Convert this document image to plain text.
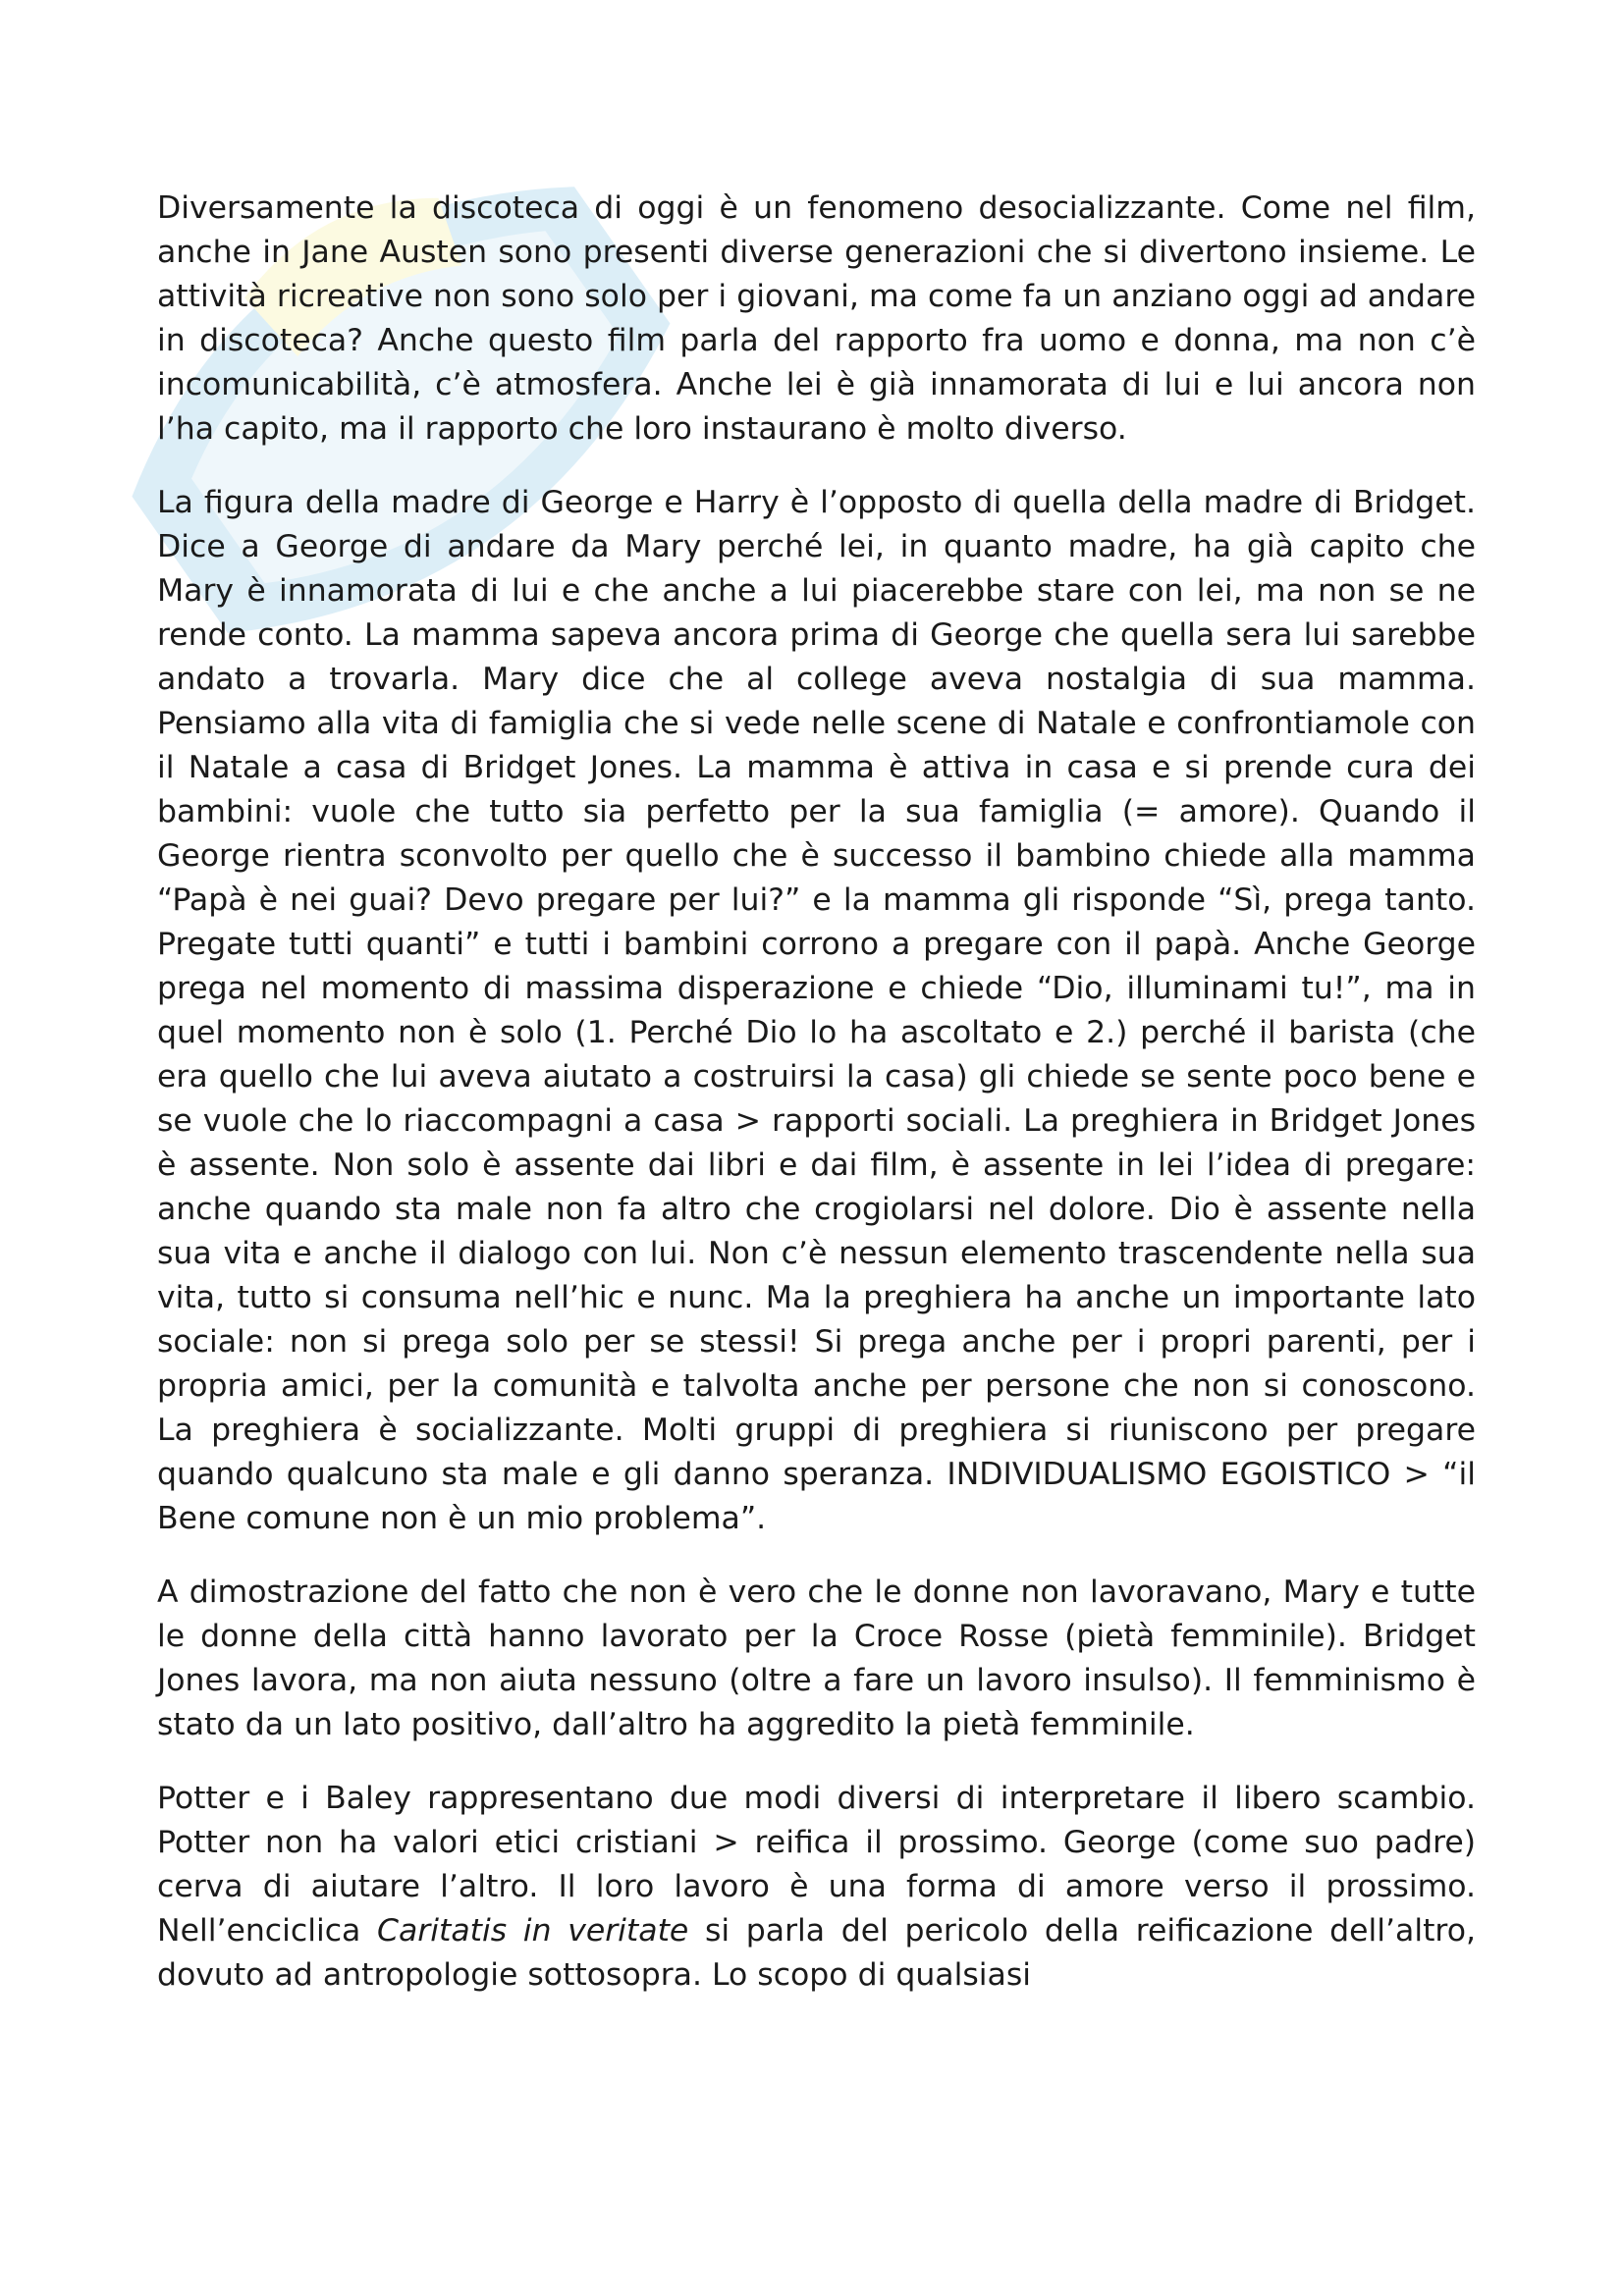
Diversamente la discoteca di oggi è un fenomeno desocializzante. Come nel film, anche in Jane Austen sono presenti diverse generazioni che si divertono insieme. Le attività ricreative non sono solo per i giovani, ma come fa un anziano oggi ad andare in discoteca? Anche questo film parla del rapporto fra uomo e donna, ma non c’è incomunicabilità, c’è atmosfera. Anche lei è già innamorata di lui e lui ancora non l’ha capito, ma il rapporto che loro instaurano è molto diverso.

La figura della madre di George e Harry è l’opposto di quella della madre di Bridget. Dice a George di andare da Mary perché lei, in quanto madre, ha già capito che Mary è innamorata di lui e che anche a lui piacerebbe stare con lei, ma non se ne rende conto. La mamma sapeva ancora prima di George che quella sera lui sarebbe andato a trovarla. Mary dice che al college aveva nostalgia di sua mamma. Pensiamo alla vita di famiglia che si vede nelle scene di Natale e confrontiamole con il Natale a casa di Bridget Jones. La mamma è attiva in casa e si prende cura dei bambini: vuole che tutto sia perfetto per la sua famiglia (= amore). Quando il George rientra sconvolto per quello che è successo il bambino chiede alla mamma “Papà è nei guai? Devo pregare per lui?” e la mamma gli risponde “Sì, prega tanto. Pregate tutti quanti” e tutti i bambini corrono a pregare con il papà. Anche George prega nel momento di massima disperazione e chiede “Dio, illuminami tu!”, ma in quel momento non è solo (1. Perché Dio lo ha ascoltato e 2.) perché il barista (che era quello che lui aveva aiutato a costruirsi la casa) gli chiede se sente poco bene e se vuole che lo riaccompagni a casa > rapporti sociali. La preghiera in Bridget Jones è assente. Non solo è assente dai libri e dai film, è assente in lei l’idea di pregare: anche quando sta male non fa altro che crogiolarsi nel dolore. Dio è assente nella sua vita e anche il dialogo con lui. Non c’è nessun elemento trascendente nella sua vita, tutto si consuma nell’hic e nunc. Ma la preghiera ha anche un importante lato sociale: non si prega solo per se stessi! Si prega anche per i propri parenti, per i propria amici, per la comunità e talvolta anche per persone che non si conoscono. La preghiera è socializzante. Molti gruppi di preghiera si riuniscono per pregare quando qualcuno sta male e gli danno speranza. INDIVIDUALISMO EGOISTICO > “il Bene comune non è un mio problema”.

A dimostrazione del fatto che non è vero che le donne non lavoravano, Mary e tutte le donne della città hanno lavorato per la Croce Rosse (pietà femminile). Bridget Jones lavora, ma non aiuta nessuno (oltre a fare un lavoro insulso). Il femminismo è stato da un lato positivo, dall’altro ha aggredito la pietà femminile.

Potter e i Baley rappresentano due modi diversi di interpretare il libero scambio. Potter non ha valori etici cristiani > reifica il prossimo. George (come suo padre) cerva di aiutare l’altro. Il loro lavoro è una forma di amore verso il prossimo. Nell’enciclica Caritatis in veritate si parla del pericolo della reificazione dell’altro, dovuto ad antropologie sottosopra. Lo scopo di qualsiasi
